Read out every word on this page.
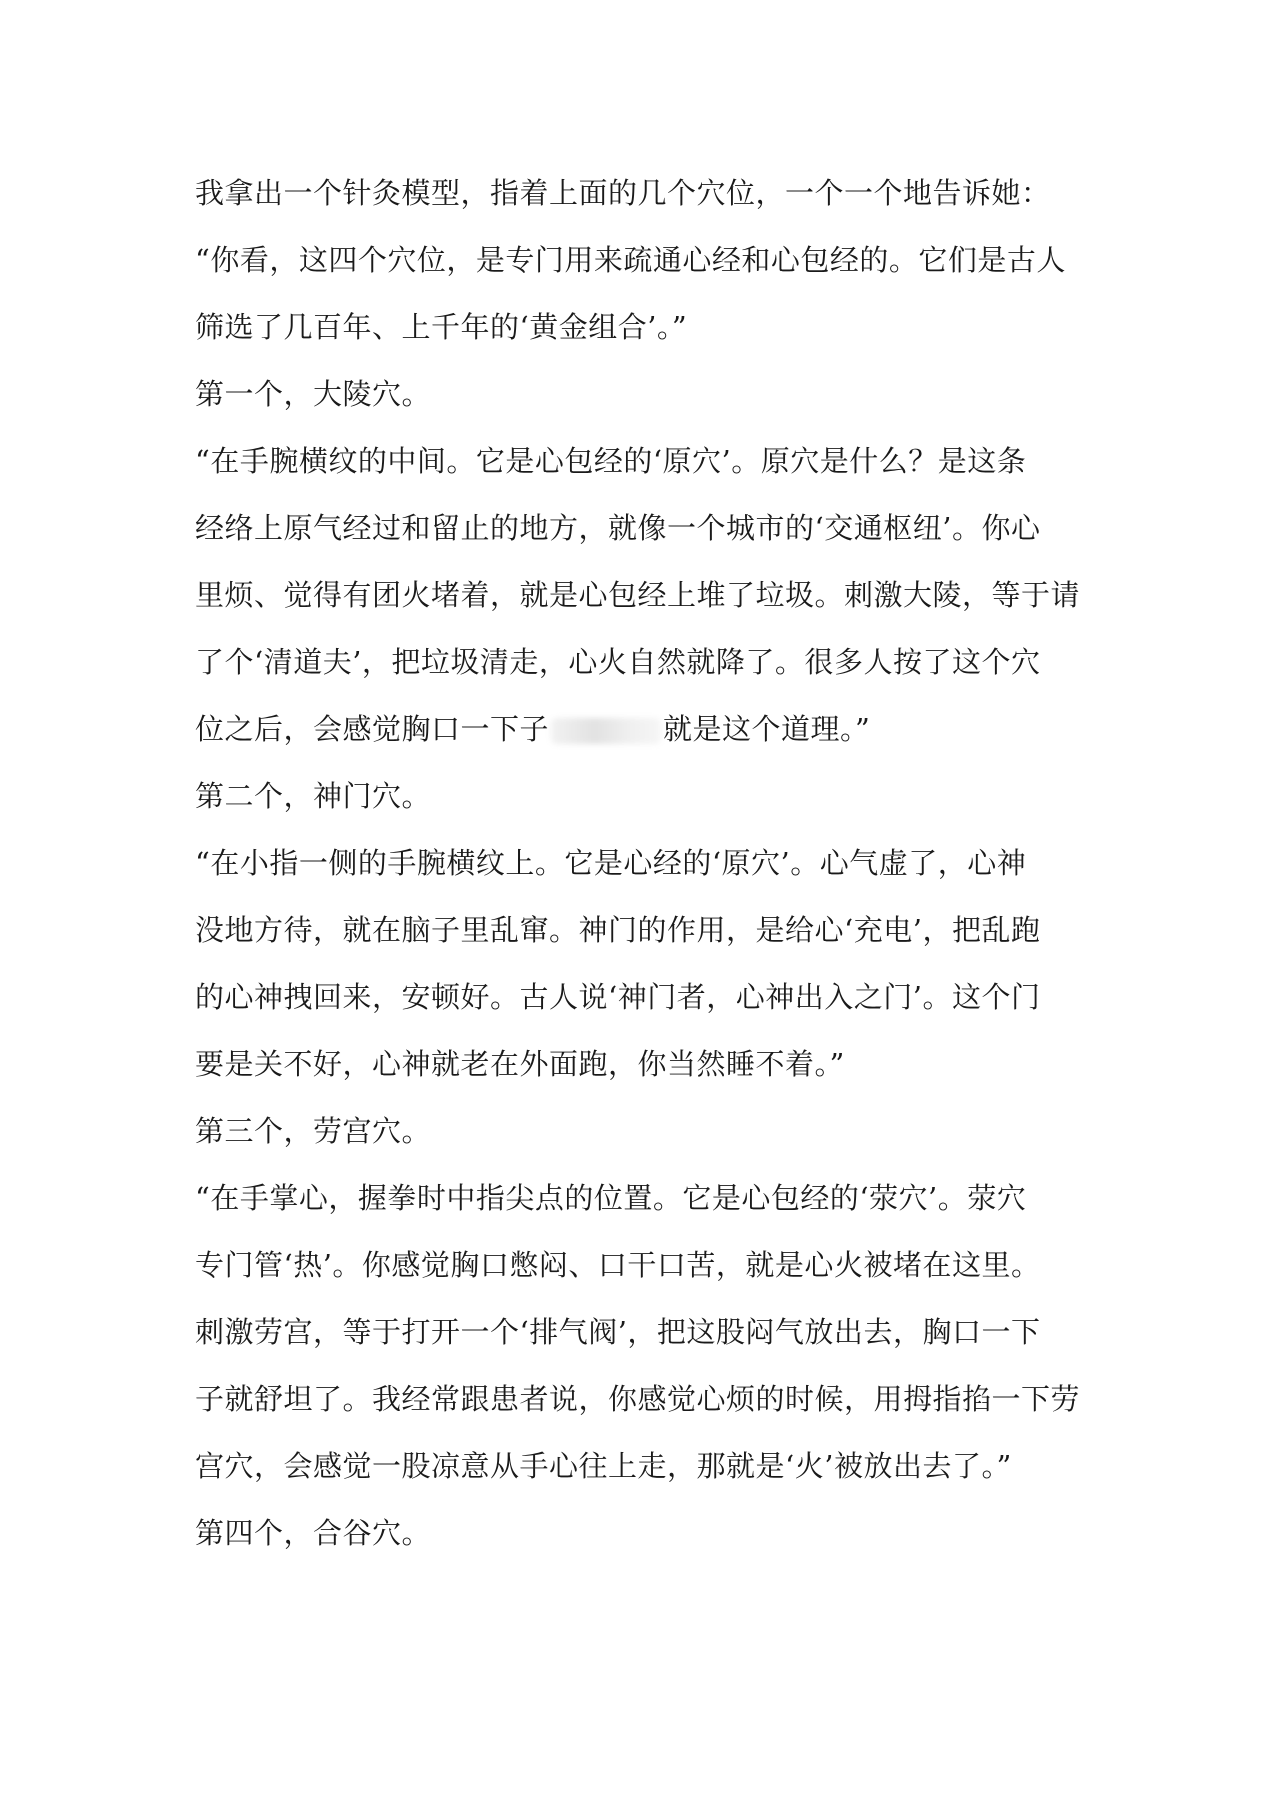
我拿出一个针灸模型，指着上面的几个穴位，一个一个地告诉她：
“你看，这四个穴位，是专门用来疏通心经和心包经的。它们是古人
筛选了几百年、上千年的‘黄金组合’。”
第一个，大陵穴。
“在手腕横纹的中间。它是心包经的‘原穴’。原穴是什么？是这条
经络上原气经过和留止的地方，就像一个城市的‘交通枢纽’。你心
里烦、觉得有团火堵着，就是心包经上堆了垃圾。刺激大陵，等于请
了个‘清道夫’，把垃圾清走，心火自然就降了。很多人按了这个穴
位之后，会感觉胸口一下子	就是这个道理。”
第二个，神门穴。
“在小指一侧的手腕横纹上。它是心经的‘原穴’。心气虚了，心神
没地方待，就在脑子里乱窜。神门的作用，是给心‘充电’，把乱跑
的心神拽回来，安顿好。古人说‘神门者，心神出入之门’。这个门
要是关不好，心神就老在外面跑，你当然睡不着。”
第三个，劳宫穴。
“在手掌心，握拳时中指尖点的位置。它是心包经的‘荥穴’。荥穴
专门管‘热’。你感觉胸口憋闷、口干口苦，就是心火被堵在这里。
刺激劳宫，等于打开一个‘排气阀’，把这股闷气放出去，胸口一下
子就舒坦了。我经常跟患者说，你感觉心烦的时候，用拇指掐一下劳
宫穴，会感觉一股凉意从手心往上走，那就是‘火’被放出去了。”
第四个，合谷穴。
